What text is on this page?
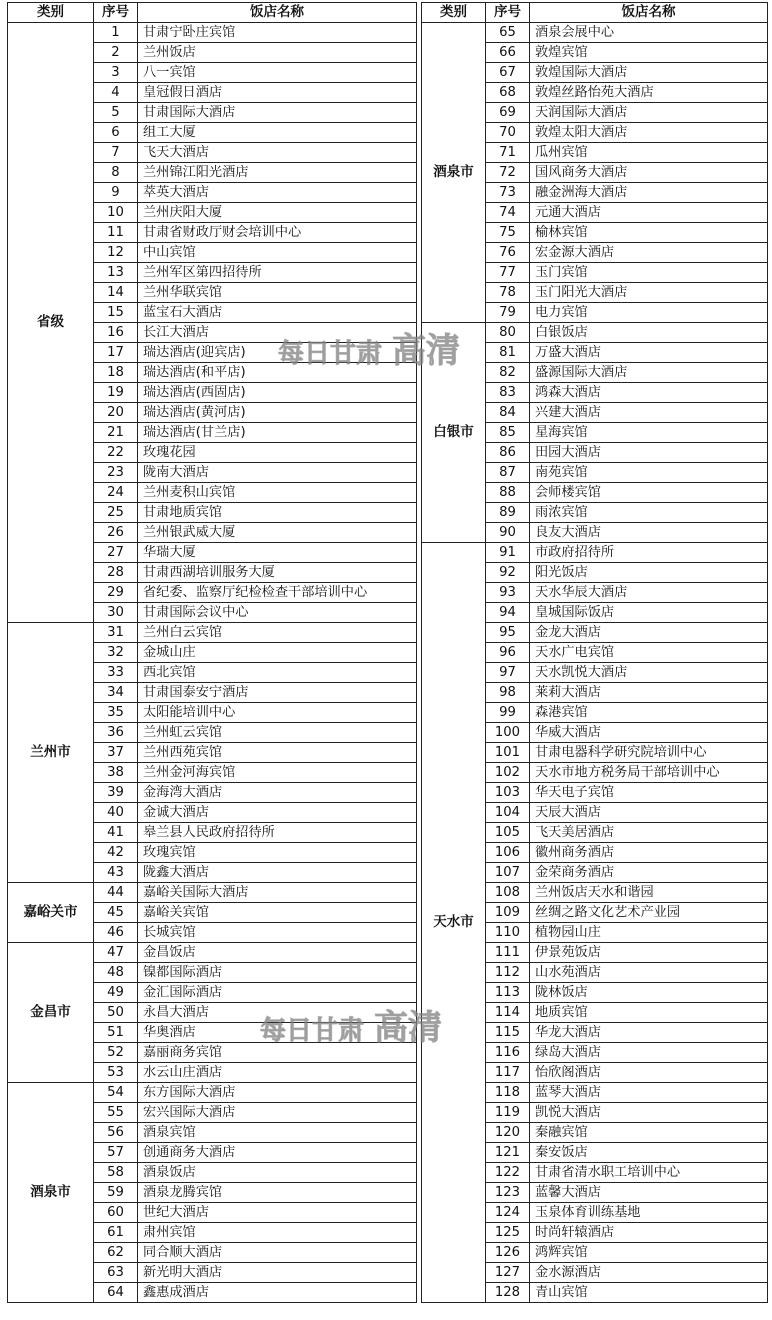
类别	序号	饭店名称
省级	1	甘肃宁卧庄宾馆
	2	兰州饭店
	3	八一宾馆
	4	皇冠假日酒店
	5	甘肃国际大酒店
	6	组工大厦
	7	飞天大酒店
	8	兰州锦江阳光酒店
	9	萃英大酒店
	10	兰州庆阳大厦
	11	甘肃省财政厅财会培训中心
	12	中山宾馆
	13	兰州军区第四招待所
	14	兰州华联宾馆
	15	蓝宝石大酒店
	16	长江大酒店
	17	瑞达酒店(迎宾店)
	18	瑞达酒店(和平店)
	19	瑞达酒店(西固店)
	20	瑞达酒店(黄河店)
	21	瑞达酒店(甘兰店)
	22	玫瑰花园
	23	陇南大酒店
	24	兰州麦积山宾馆
	25	甘肃地质宾馆
	26	兰州银武威大厦
	27	华瑞大厦
	28	甘肃西湖培训服务大厦
	29	省纪委、监察厅纪检检查干部培训中心
	30	甘肃国际会议中心
兰州市	31	兰州白云宾馆
	32	金城山庄
	33	西北宾馆
	34	甘肃国泰安宁酒店
	35	太阳能培训中心
	36	兰州虹云宾馆
	37	兰州西苑宾馆
	38	兰州金河海宾馆
	39	金海湾大酒店
	40	金诚大酒店
	41	皋兰县人民政府招待所
	42	玫瑰宾馆
	43	陇鑫大酒店
嘉峪关市	44	嘉峪关国际大酒店
	45	嘉峪关宾馆
	46	长城宾馆
金昌市	47	金昌饭店
	48	镍都国际酒店
	49	金汇国际酒店
	50	永昌大酒店
	51	华奥酒店
	52	嘉丽商务宾馆
	53	水云山庄酒店
酒泉市	54	东方国际大酒店
	55	宏兴国际大酒店
	56	酒泉宾馆
	57	创通商务大酒店
	58	酒泉饭店
	59	酒泉龙腾宾馆
	60	世纪大酒店
	61	肃州宾馆
	62	同合顺大酒店
	63	新光明大酒店
	64	鑫惠成酒店
类别	序号	饭店名称
酒泉市	65	酒泉会展中心
	66	敦煌宾馆
	67	敦煌国际大酒店
	68	敦煌丝路怡苑大酒店
	69	天润国际大酒店
	70	敦煌太阳大酒店
	71	瓜州宾馆
	72	国风商务大酒店
	73	融金洲海大酒店
	74	元通大酒店
	75	榆林宾馆
	76	宏金源大酒店
	77	玉门宾馆
	78	玉门阳光大酒店
	79	电力宾馆
白银市	80	白银饭店
	81	万盛大酒店
	82	盛源国际大酒店
	83	鸿森大酒店
	84	兴建大酒店
	85	星海宾馆
	86	田园大酒店
	87	南苑宾馆
	88	会师楼宾馆
	89	雨浓宾馆
	90	良友大酒店
天水市	91	市政府招待所
	92	阳光饭店
	93	天水华辰大酒店
	94	皇城国际饭店
	95	金龙大酒店
	96	天水广电宾馆
	97	天水凯悦大酒店
	98	莱莉大酒店
	99	森港宾馆
	100	华威大酒店
	101	甘肃电器科学研究院培训中心
	102	天水市地方税务局干部培训中心
	103	华天电子宾馆
	104	天辰大酒店
	105	飞天美居酒店
	106	徽州商务酒店
	107	金荣商务酒店
	108	兰州饭店天水和谐园
	109	丝绸之路文化艺术产业园
	110	植物园山庄
	111	伊景苑饭店
	112	山水苑酒店
	113	陇林饭店
	114	地质宾馆
	115	华龙大酒店
	116	绿岛大酒店
	117	怡欣阁酒店
	118	蓝琴大酒店
	119	凯悦大酒店
	120	秦融宾馆
	121	秦安饭店
	122	甘肃省清水职工培训中心
	123	蓝馨大酒店
	124	玉泉体育训练基地
	125	时尚轩辕酒店
	126	鸿辉宾馆
	127	金水源酒店
	128	青山宾馆
每日甘肃 高清
每日甘肃 高清
